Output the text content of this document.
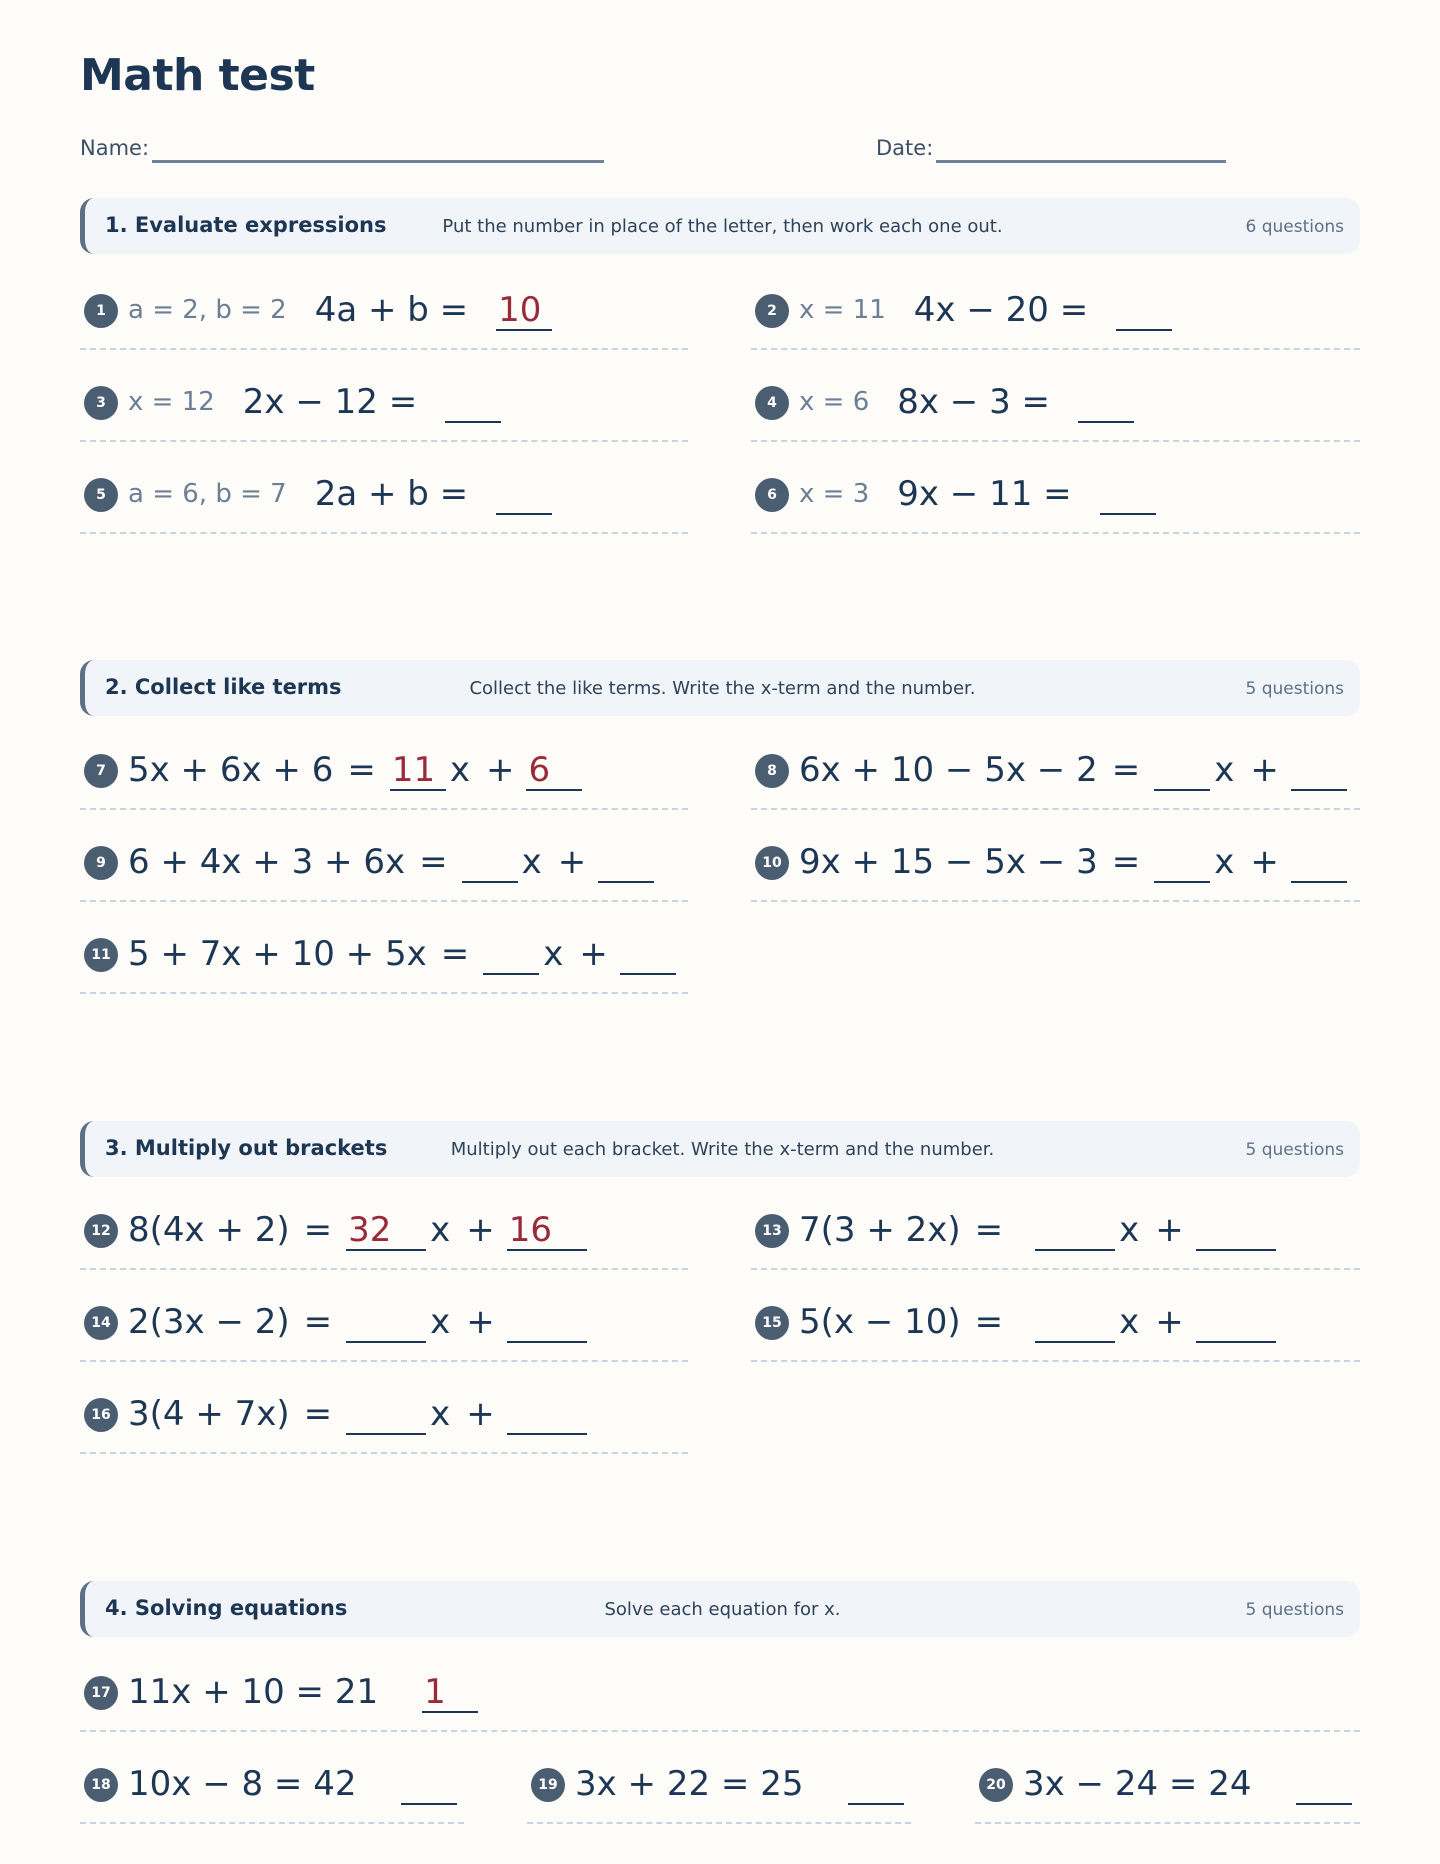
Math test
Name:	Date:
1. Evaluate expressions	Put the number in place of the letter, then work each one out.	6 questions
1 a = 2, b = 2 4a + b = 10	2 x = 11 4x − 20 =
3 x = 12 2x − 12 =	4 x = 6 8x − 3 =
5 a = 6, b = 7 2a + b =	6 x = 3 9x − 11 =
2. Collect like terms	Collect the like terms. Write the x-term and the number.	5 questions
7 5x + 6x + 6 = 11 x + 6	8 6x + 10 − 5x − 2 = x +
9 6 + 4x + 3 + 6x = x +	10 9x + 15 − 5x − 3 = x +
11 5 + 7x + 10 + 5x = x +
3. Multiply out brackets	Multiply out each bracket. Write the x-term and the number.	5 questions
12 8(4x + 2) = 32	x + 16	13 7(3 + 2x) =	x +
14 2(3x − 2) =	x +	15 5(x − 10) =	x +
16 3(4 + 7x) =	x +
4. Solving equations	Solve each equation for x.	5 questions
17 11x + 10 = 21 1
18 10x − 8 = 42	19 3x + 22 = 25	20 3x − 24 = 24
